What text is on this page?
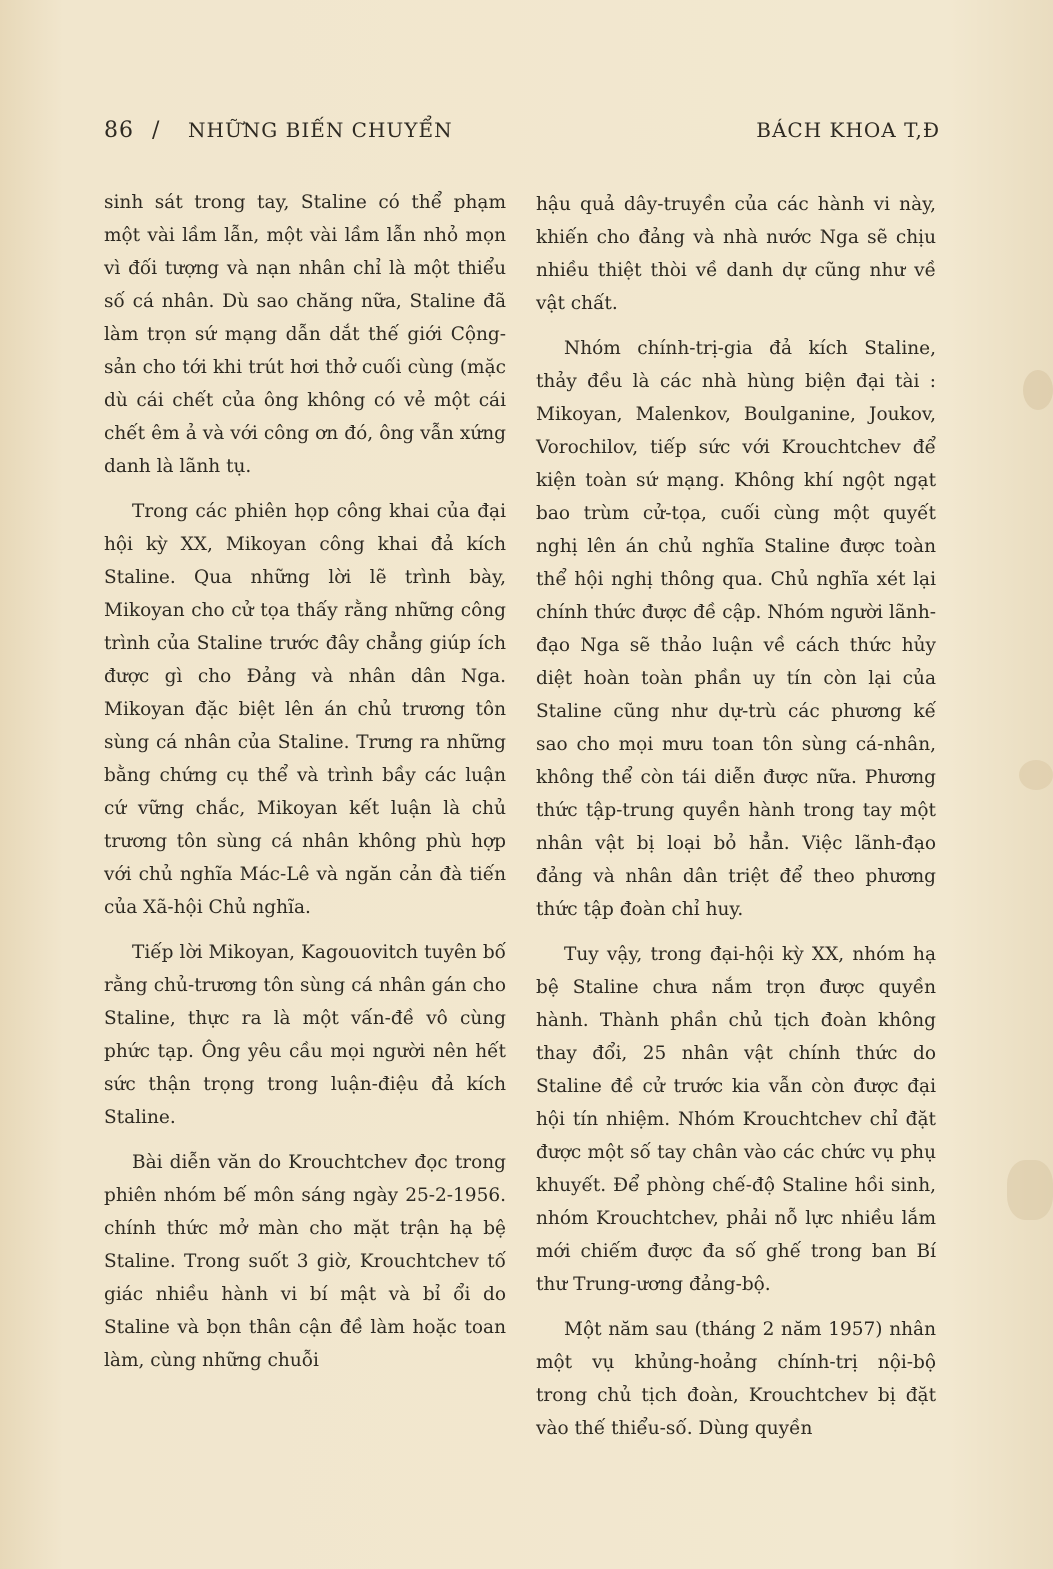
86 / NHỮNG BIẾN CHUYỂN	BÁCH KHOA T,Đ

sinh sát trong tay, Staline có thể phạm một vài lầm lẫn, một vài lầm lẫn nhỏ mọn vì đối tượng và nạn nhân chỉ là một thiểu số cá nhân. Dù sao chăng nữa, Staline đã làm trọn sứ mạng dẫn dắt thế giới Cộng-sản cho tới khi trút hơi thở cuối cùng (mặc dù cái chết của ông không có vẻ một cái chết êm ả và với công ơn đó, ông vẫn xứng danh là lãnh tụ.

Trong các phiên họp công khai của đại hội kỳ XX, Mikoyan công khai đả kích Staline. Qua những lời lẽ trình bày, Mikoyan cho cử tọa thấy rằng những công trình của Staline trước đây chẳng giúp ích được gì cho Đảng và nhân dân Nga. Mikoyan đặc biệt lên án chủ trương tôn sùng cá nhân của Staline. Trưng ra những bằng chứng cụ thể và trình bầy các luận cứ vững chắc, Mikoyan kết luận là chủ trương tôn sùng cá nhân không phù hợp với chủ nghĩa Mác-Lê và ngăn cản đà tiến của Xã-hội Chủ nghĩa.

Tiếp lời Mikoyan, Kagouovitch tuyên bố rằng chủ-trương tôn sùng cá nhân gán cho Staline, thực ra là một vấn-đề vô cùng phức tạp. Ông yêu cầu mọi người nên hết sức thận trọng trong luận-điệu đả kích Staline.

Bài diễn văn do Krouchtchev đọc trong phiên nhóm bế môn sáng ngày 25-2-1956. chính thức mở màn cho mặt trận hạ bệ Staline. Trong suốt 3 giờ, Krouchtchev tố giác nhiều hành vi bí mật và bỉ ổi do Staline và bọn thân cận đề làm hoặc toan làm, cùng những chuỗi

hậu quả dây-truyền của các hành vi này, khiến cho đảng và nhà nước Nga sẽ chịu nhiều thiệt thòi về danh dự cũng như về vật chất.

Nhóm chính-trị-gia đả kích Staline, thảy đều là các nhà hùng biện đại tài : Mikoyan, Malenkov, Boulganine, Joukov, Vorochilov, tiếp sức với Krouchtchev để kiện toàn sứ mạng. Không khí ngột ngạt bao trùm cử-tọa, cuối cùng một quyết nghị lên án chủ nghĩa Staline được toàn thể hội nghị thông qua. Chủ nghĩa xét lại chính thức được đề cập. Nhóm người lãnh-đạo Nga sẽ thảo luận về cách thức hủy diệt hoàn toàn phần uy tín còn lại của Staline cũng như dự-trù các phương kế sao cho mọi mưu toan tôn sùng cá-nhân, không thể còn tái diễn được nữa. Phương thức tập-trung quyền hành trong tay một nhân vật bị loại bỏ hẳn. Việc lãnh-đạo đảng và nhân dân triệt để theo phương thức tập đoàn chỉ huy.

Tuy vậy, trong đại-hội kỳ XX, nhóm hạ bệ Staline chưa nắm trọn được quyền hành. Thành phần chủ tịch đoàn không thay đổi, 25 nhân vật chính thức do Staline đề cử trước kia vẫn còn được đại hội tín nhiệm. Nhóm Krouchtchev chỉ đặt được một số tay chân vào các chức vụ phụ khuyết. Để phòng chế-độ Staline hồi sinh, nhóm Krouchtchev, phải nỗ lực nhiều lắm mới chiếm được đa số ghế trong ban Bí thư Trung-ương đảng-bộ.

Một năm sau (tháng 2 năm 1957) nhân một vụ khủng-hoảng chính-trị nội-bộ trong chủ tịch đoàn, Krouchtchev bị đặt vào thế thiểu-số. Dùng quyền
